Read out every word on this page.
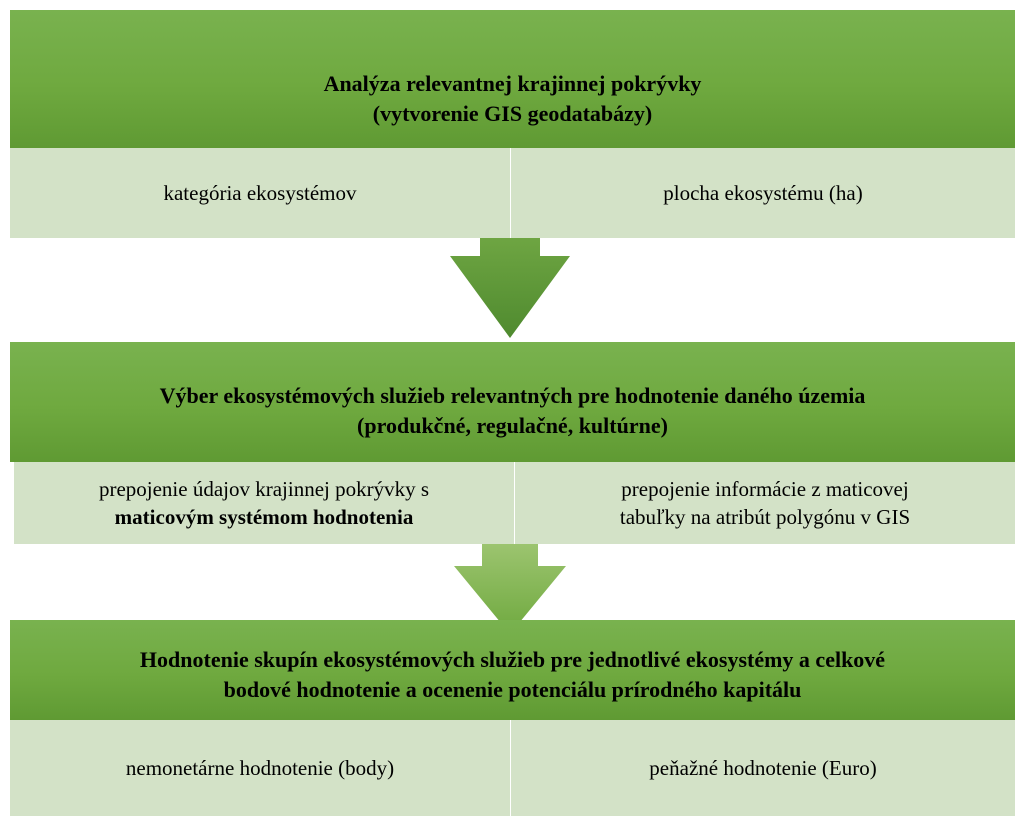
Analýza relevantnej krajinnej pokrývky
(vytvorenie GIS geodatabázy)
kategória ekosystémov	plocha ekosystému (ha)
Výber ekosystémových služieb relevantných pre hodnotenie daného územia
(produkčné, regulačné, kultúrne)
prepojenie údajov krajinnej pokrývky s
maticovým systémom hodnotenia
prepojenie informácie z maticovej
tabuľky na atribút polygónu v GIS
Hodnotenie skupín ekosystémových služieb pre jednotlivé ekosystémy a celkové
bodové hodnotenie a ocenenie potenciálu prírodného kapitálu
nemonetárne hodnotenie (body)	peňažné hodnotenie (Euro)
